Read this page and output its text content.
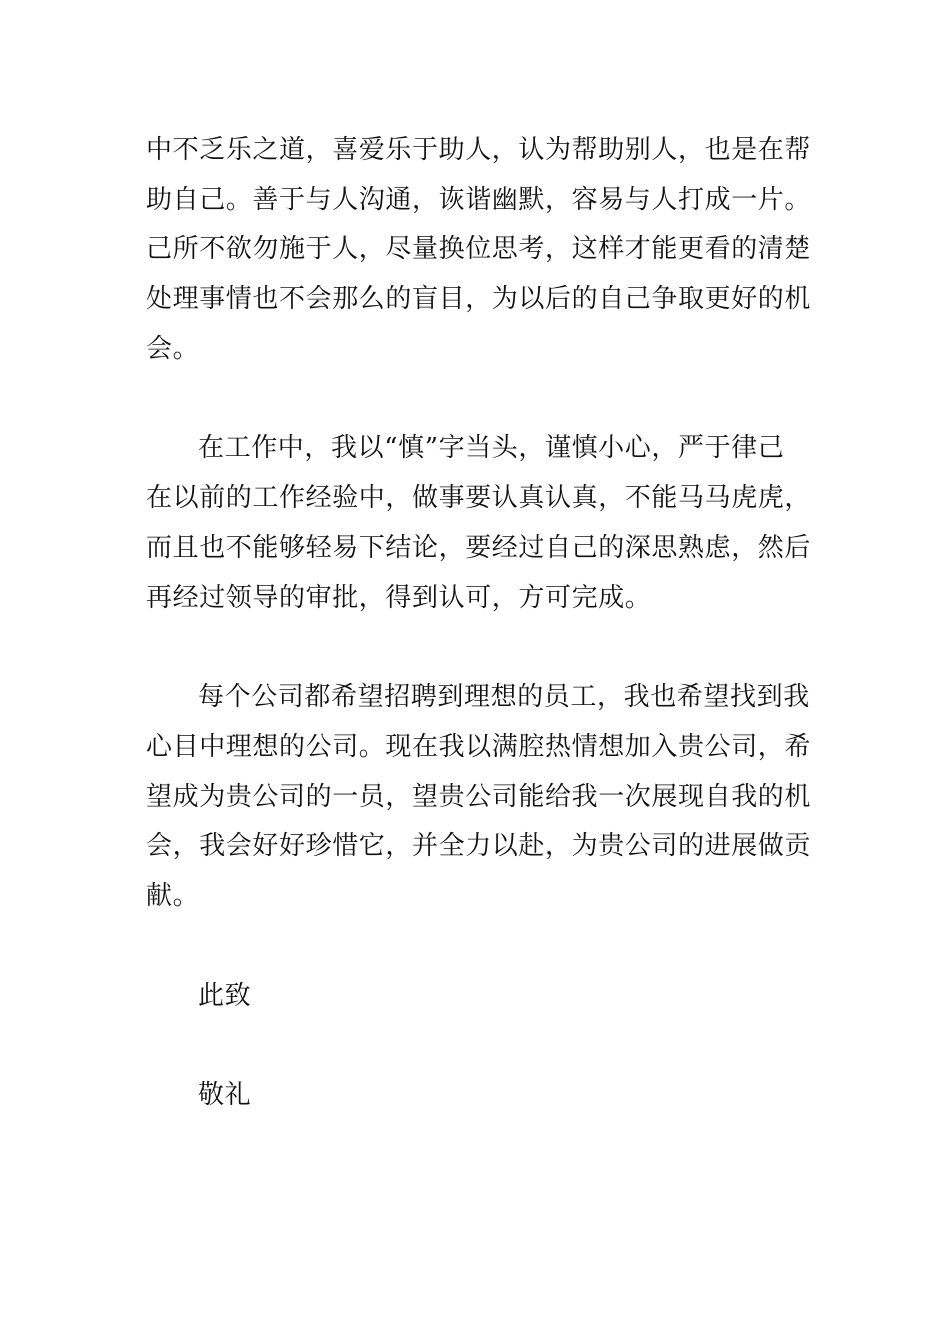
中不乏乐之道，喜爱乐于助人，认为帮助别人，也是在帮
助自己。善于与人沟通，诙谐幽默，容易与人打成一片。
己所不欲勿施于人，尽量换位思考，这样才能更看的清楚
处理事情也不会那么的盲目，为以后的自己争取更好的机
会。
在工作中，我以“慎”字当头，谨慎小心，严于律己
在以前的工作经验中，做事要认真认真，不能马马虎虎，
而且也不能够轻易下结论，要经过自己的深思熟虑，然后
再经过领导的审批，得到认可，方可完成。
每个公司都希望招聘到理想的员工，我也希望找到我
心目中理想的公司。现在我以满腔热情想加入贵公司，希
望成为贵公司的一员，望贵公司能给我一次展现自我的机
会，我会好好珍惜它，并全力以赴，为贵公司的进展做贡
献。
此致
敬礼
